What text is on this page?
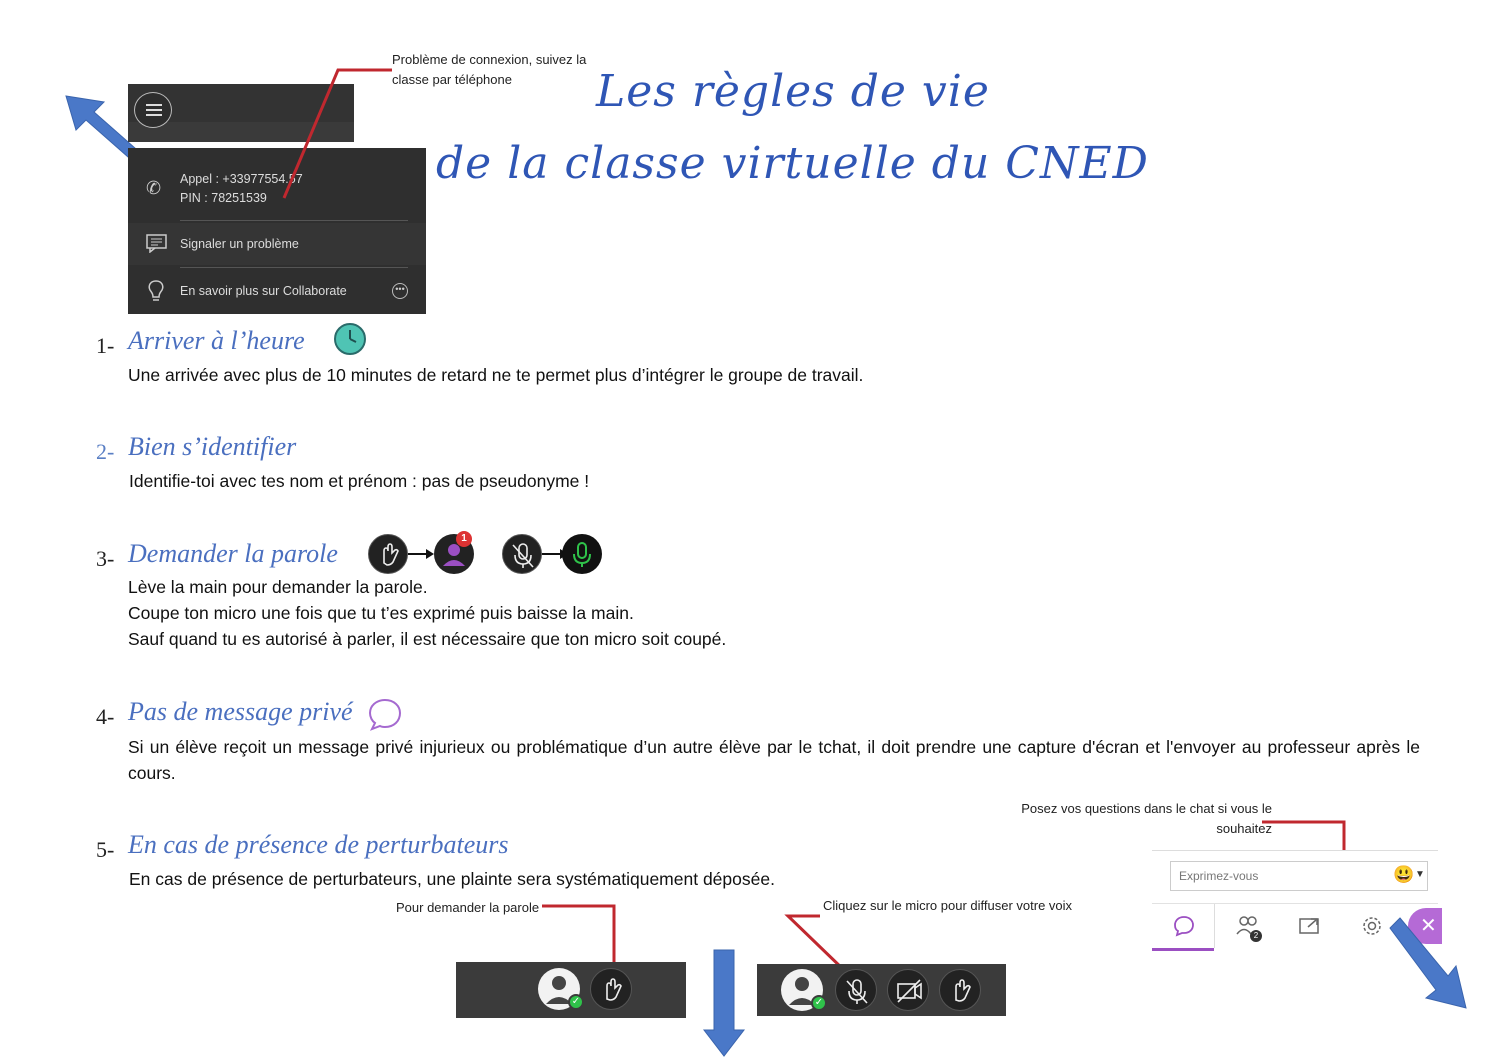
Les règles de vie
de la classe virtuelle du CNED
✆ Appel : +33977554.57
PIN : 78251539
Signaler un problème
En savoir plus sur Collaborate	•••
Problème de connexion, suivez la classe par téléphone
1- Arriver à l’heure
Une arrivée avec plus de 10 minutes de retard ne te permet plus d’intégrer le groupe de travail.
2- Bien s’identifier
Identifie-toi avec tes nom et prénom : pas de pseudonyme !
3- Demander la parole
1
Lève la main pour demander la parole.
Coupe ton micro une fois que tu t’es exprimé puis baisse la main.
Sauf quand tu es autorisé à parler, il est nécessaire que ton micro soit coupé.
4- Pas de message privé
Si un élève reçoit un message privé injurieux ou problématique d’un autre élève par le tchat, il doit prendre une capture d'écran et l'envoyer au professeur après le cours.
5- En cas de présence de perturbateurs
En cas de présence de perturbateurs, une plainte sera systématiquement déposée.
Posez vos questions dans le chat si vous le souhaitez
Exprimez-vous	😃 ▼
2	✕
Pour demander la parole
✓
Cliquez sur le micro pour diffuser votre voix
✓
